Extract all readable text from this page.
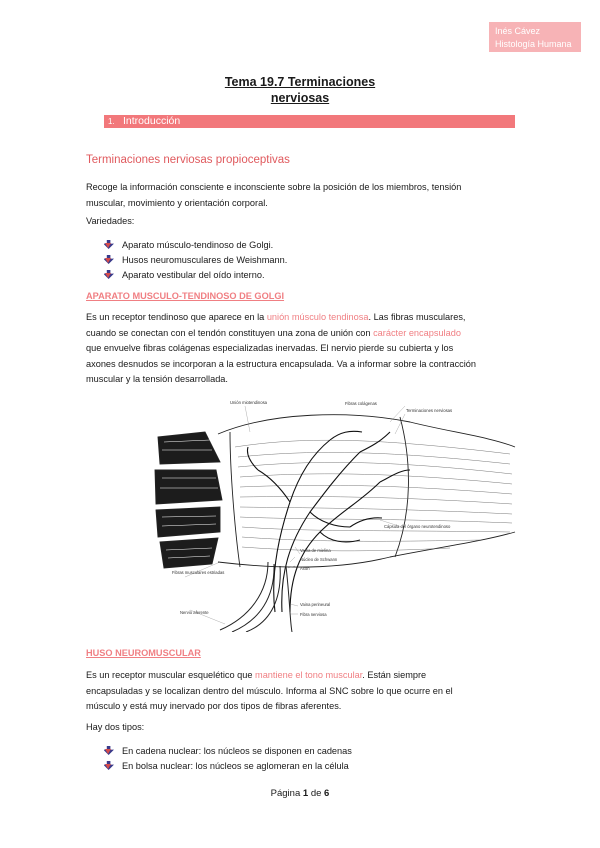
Inés Cávez
Histología Humana
Tema 19.7 Terminaciones
nerviosas
1. Introducción
Terminaciones nerviosas propioceptivas
Recoge la información consciente e inconsciente sobre la posición de los miembros, tensión
muscular, movimiento y orientación corporal.
Variedades:
Aparato músculo-tendinoso de Golgi.
Husos neuromusculares de Weishmann.
Aparato vestibular del oído interno.
APARATO MUSCULO-TENDINOSO DE GOLGI
Es un receptor tendinoso que aparece en la unión músculo tendinosa. Las fibras musculares,
cuando se conectan con el tendón constituyen una zona de unión con carácter encapsulado
que envuelve fibras colágenas especializadas inervadas. El nervio pierde su cubierta y los
axones desnudos se incorporan a la estructura encapsulada. Va a informar sobre la contracción
muscular y la tensión desarrollada.
Unión miotendinosa	Fibras colágenas
Terminaciones nerviosas
Cápsula del órgano neurotendinoso
Vaina de mielina
Núcleo de Schwann
Axón
Fibras musculares estriadas
Vaina perineural
Fibra nerviosa
Nervio aferente
HUSO NEUROMUSCULAR
Es un receptor muscular esquelético que mantiene el tono muscular. Están siempre
encapsuladas y se localizan dentro del músculo. Informa al SNC sobre lo que ocurre en el
músculo y está muy inervado por dos tipos de fibras aferentes.
Hay dos tipos:
En cadena nuclear: los núcleos se disponen en cadenas
En bolsa nuclear: los núcleos se aglomeran en la célula
Página 1 de 6
